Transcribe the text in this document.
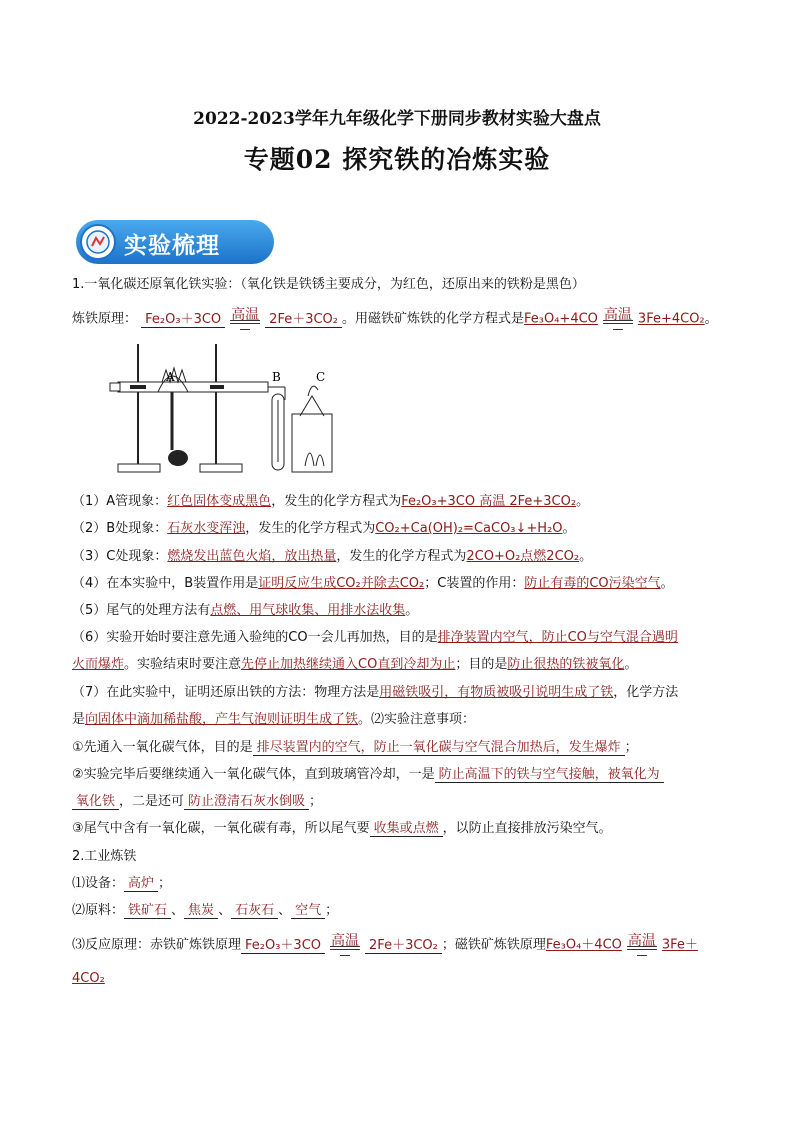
2022-2023学年九年级化学下册同步教材实验大盘点
专题02 探究铁的冶炼实验
实验梳理
1.一氧化碳还原氧化铁实验：（氧化铁是铁锈主要成分，为红色，还原出来的铁粉是黑色）
炼铁原理： Fe₂O₃＋3CO 高温 2Fe＋3CO₂ 。用磁铁矿炼铁的化学方程式是Fe₃O₄+4CO 高温 3Fe+4CO₂。
A	B	C
（1）A管现象：红色固体变成黑色，发生的化学方程式为Fe₂O₃+3CO 高温 2Fe+3CO₂。
（2）B处现象：石灰水变浑浊，发生的化学方程式为CO₂+Ca(OH)₂=CaCO₃↓+H₂O。
（3）C处现象：燃烧发出蓝色火焰，放出热量，发生的化学方程式为2CO+O₂点燃2CO₂。
（4）在本实验中，B装置作用是证明反应生成CO₂并除去CO₂；C装置的作用：防止有毒的CO污染空气。
（5）尾气的处理方法有点燃、用气球收集、用排水法收集。
（6）实验开始时要注意先通入验纯的CO一会儿再加热，目的是排净装置内空气，防止CO与空气混合遇明
火而爆炸。实验结束时要注意先停止加热继续通入CO直到冷却为止；目的是防止很热的铁被氧化。
（7）在此实验中，证明还原出铁的方法：物理方法是用磁铁吸引，有物质被吸引说明生成了铁，化学方法
是向固体中滴加稀盐酸，产生气泡则证明生成了铁。⑵实验注意事项：
①先通入一氧化碳气体，目的是 排尽装置内的空气，防止一氧化碳与空气混合加热后，发生爆炸 ；
②实验完毕后要继续通入一氧化碳气体，直到玻璃管冷却，一是 防止高温下的铁与空气接触，被氧化为
氧化铁 ，二是还可 防止澄清石灰水倒吸 ；
③尾气中含有一氧化碳，一氧化碳有毒，所以尾气要 收集或点燃 ，以防止直接排放污染空气。
2.工业炼铁
⑴设备： 高炉 ；
⑵原料： 铁矿石 、 焦炭 、 石灰石 、 空气 ；
⑶反应原理：赤铁矿炼铁原理 Fe₂O₃＋3CO 高温 2Fe＋3CO₂ ；磁铁矿炼铁原理Fe₃O₄＋4CO 高温 3Fe＋
4CO₂
